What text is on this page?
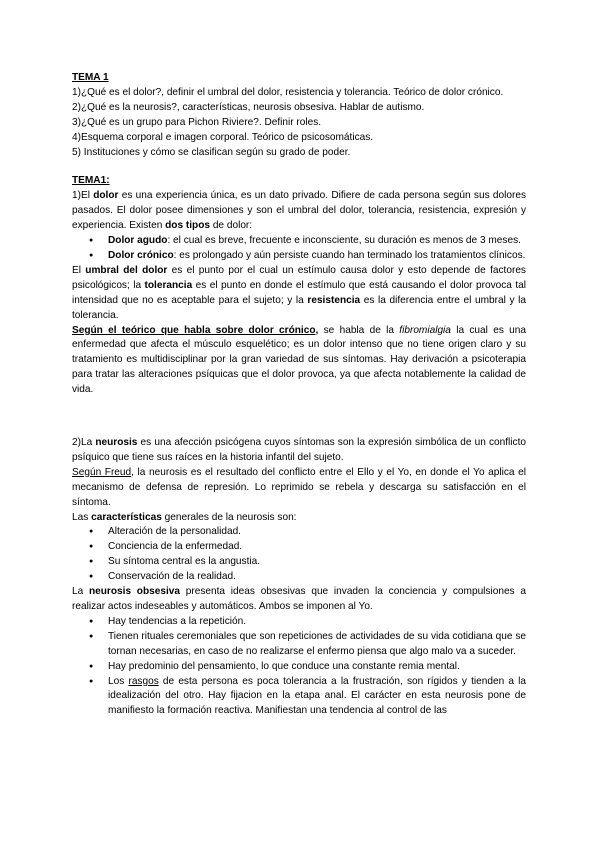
TEMA 1

1)¿Qué es el dolor?, definir el umbral del dolor, resistencia y tolerancia. Teórico de dolor crónico.

2)¿Qué es la neurosis?, características, neurosis obsesiva. Hablar de autismo.

3)¿Qué es un grupo para Pichon Riviere?. Definir roles.

4)Esquema corporal e imagen corporal. Teórico de psicosomáticas.

5) Instituciones y cómo se clasifican según su grado de poder.

TEMA1:

1)El dolor es una experiencia única, es un dato privado. Difiere de cada persona según sus dolores pasados. El dolor posee dimensiones y son el umbral del dolor, tolerancia, resistencia, expresión y experiencia. Existen dos tipos de dolor:

● Dolor agudo: el cual es breve, frecuente e inconsciente, su duración es menos de 3 meses.
● Dolor crónico: es prolongado y aún persiste cuando han terminado los tratamientos clínicos.

El umbral del dolor es el punto por el cual un estímulo causa dolor y esto depende de factores psicológicos; la tolerancia es el punto en donde el estímulo que está causando el dolor provoca tal intensidad que no es aceptable para el sujeto; y la resistencia es la diferencia entre el umbral y la tolerancia.

Según el teórico que habla sobre dolor crónico, se habla de la fibromialgia la cual es una enfermedad que afecta el músculo esquelético; es un dolor intenso que no tiene origen claro y su tratamiento es multidisciplinar por la gran variedad de sus síntomas. Hay derivación a psicoterapia para tratar las alteraciones psíquicas que el dolor provoca, ya que afecta notablemente la calidad de vida.

2)La neurosis es una afección psicógena cuyos síntomas son la expresión simbólica de un conflicto psíquico que tiene sus raíces en la historia infantil del sujeto.

Según Freud, la neurosis es el resultado del conflicto entre el Ello y el Yo, en donde el Yo aplica el mecanismo de defensa de represión. Lo reprimido se rebela y descarga su satisfacción en el síntoma.

Las características generales de la neurosis son:

● Alteración de la personalidad.
● Conciencia de la enfermedad.
● Su síntoma central es la angustia.
● Conservación de la realidad.

La neurosis obsesiva presenta ideas obsesivas que invaden la conciencia y compulsiones a realizar actos indeseables y automáticos. Ambos se imponen al Yo.

● Hay tendencias a la repetición.
● Tienen rituales ceremoniales que son repeticiones de actividades de su vida cotidiana que se tornan necesarias, en caso de no realizarse el enfermo piensa que algo malo va a suceder.
● Hay predominio del pensamiento, lo que conduce una constante remia mental.
● Los rasgos de esta persona es poca tolerancia a la frustración, son rígidos y tienden a la idealización del otro. Hay fijacion en la etapa anal. El carácter en esta neurosis pone de manifiesto la formación reactiva. Manifiestan una tendencia al control de las
